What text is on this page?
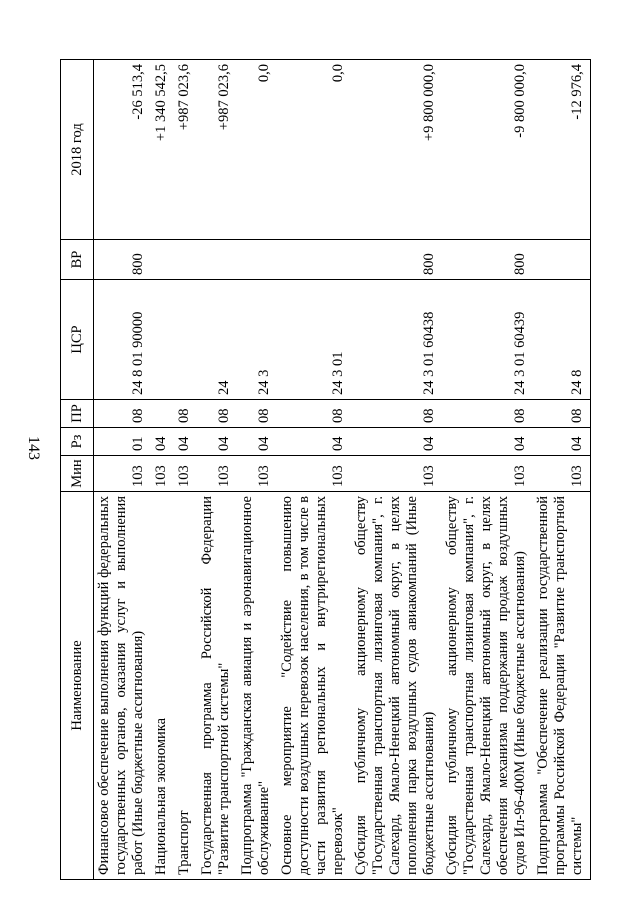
143
Наименование	Мин	Рз	ПР	ЦСР	ВР	2018 год
Финансовое обеспечение выполнения функций федеральных государственных органов, оказания услуг и выполнения работ (Иные бюджетные ассигнования)	103	01	08	24 8 01 90000	800	-26 513,4
Национальная экономика	103	04				+1 340 542,5
Транспорт	103	04	08			+987 023,6
Государственная программа Российской Федерации "Развитие транспортной системы"	103	04	08	24		+987 023,6
Подпрограмма "Гражданская авиация и аэронавигационное обслуживание"	103	04	08	24 3		0,0
Основное мероприятие "Содействие повышению доступности воздушных перевозок населения, в том числе в части развития региональных и внутрирегиональных перевозок"	103	04	08	24 3 01		0,0
Субсидия публичному акционерному обществу "Государственная транспортная лизинговая компания", г. Салехард, Ямало-Ненецкий автономный округ, в целях пополнения парка воздушных судов авиакомпаний (Иные бюджетные ассигнования)	103	04	08	24 3 01 60438	800	+9 800 000,0
Субсидия публичному акционерному обществу "Государственная транспортная лизинговая компания", г. Салехард, Ямало-Ненецкий автономный округ, в целях обеспечения механизма поддержания продаж воздушных судов Ил-96-400М (Иные бюджетные ассигнования)	103	04	08	24 3 01 60439	800	-9 800 000,0
Подпрограмма "Обеспечение реализации государственной программы Российской Федерации "Развитие транспортной системы"	103	04	08	24 8		-12 976,4
